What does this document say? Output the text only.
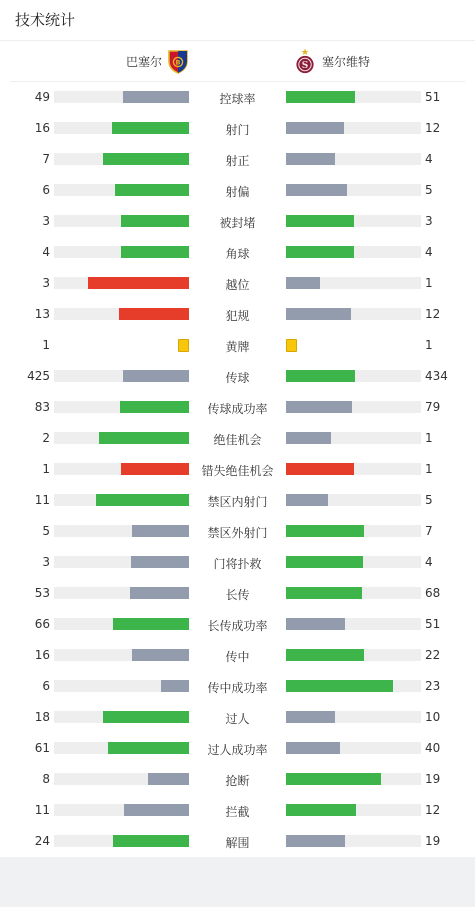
技术统计
巴塞尔 B	S 塞尔维特
49	控球率	51
16	射门	12
7	射正	4
6	射偏	5
3	被封堵	3
4	角球	4
3	越位	1
13	犯规	12
1	黄牌	1
425	传球	434
83	传球成功率	79
2	绝佳机会	1
1	错失绝佳机会	1
11	禁区内射门	5
5	禁区外射门	7
3	门将扑救	4
53	长传	68
66	长传成功率	51
16	传中	22
6	传中成功率	23
18	过人	10
61	过人成功率	40
8	抢断	19
11	拦截	12
24	解围	19
